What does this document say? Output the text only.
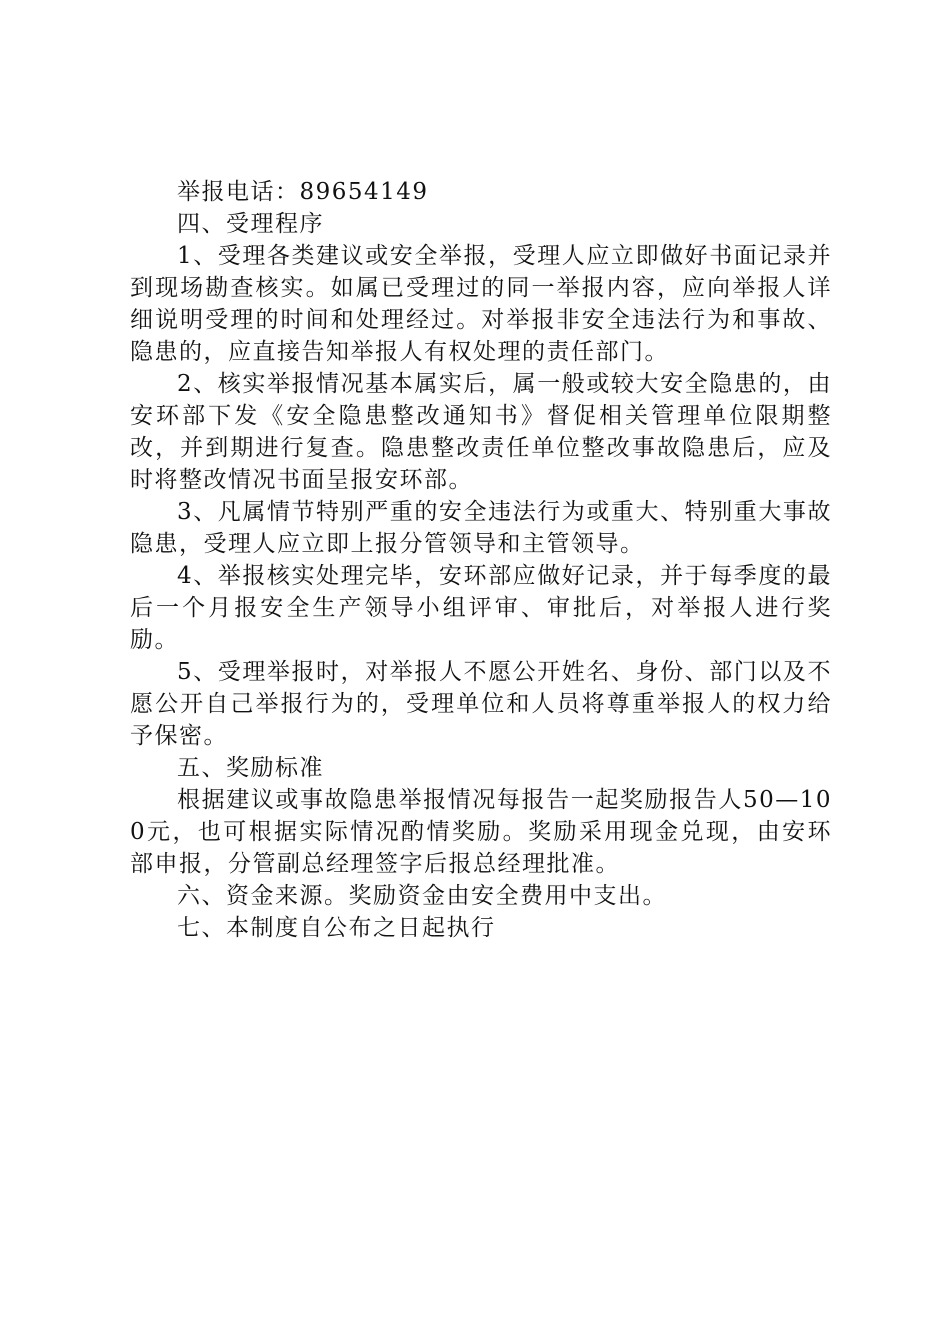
举报电话：89654149

四、受理程序

1、受理各类建议或安全举报，受理人应立即做好书面记录并到现场勘查核实。如属已受理过的同一举报内容，应向举报人详细说明受理的时间和处理经过。对举报非安全违法行为和事故、隐患的，应直接告知举报人有权处理的责任部门。

2、核实举报情况基本属实后，属一般或较大安全隐患的，由安环部下发《安全隐患整改通知书》督促相关管理单位限期整改，并到期进行复查。隐患整改责任单位整改事故隐患后，应及时将整改情况书面呈报安环部。

3、凡属情节特别严重的安全违法行为或重大、特别重大事故隐患，受理人应立即上报分管领导和主管领导。

4、举报核实处理完毕，安环部应做好记录，并于每季度的最后一个月报安全生产领导小组评审、审批后，对举报人进行奖励。

5、受理举报时，对举报人不愿公开姓名、身份、部门以及不愿公开自己举报行为的，受理单位和人员将尊重举报人的权力给予保密。

五、奖励标准

根据建议或事故隐患举报情况每报告一起奖励报告人50—100元，也可根据实际情况酌情奖励。奖励采用现金兑现，由安环部申报，分管副总经理签字后报总经理批准。

六、资金来源。奖励资金由安全费用中支出。

七、本制度自公布之日起执行
